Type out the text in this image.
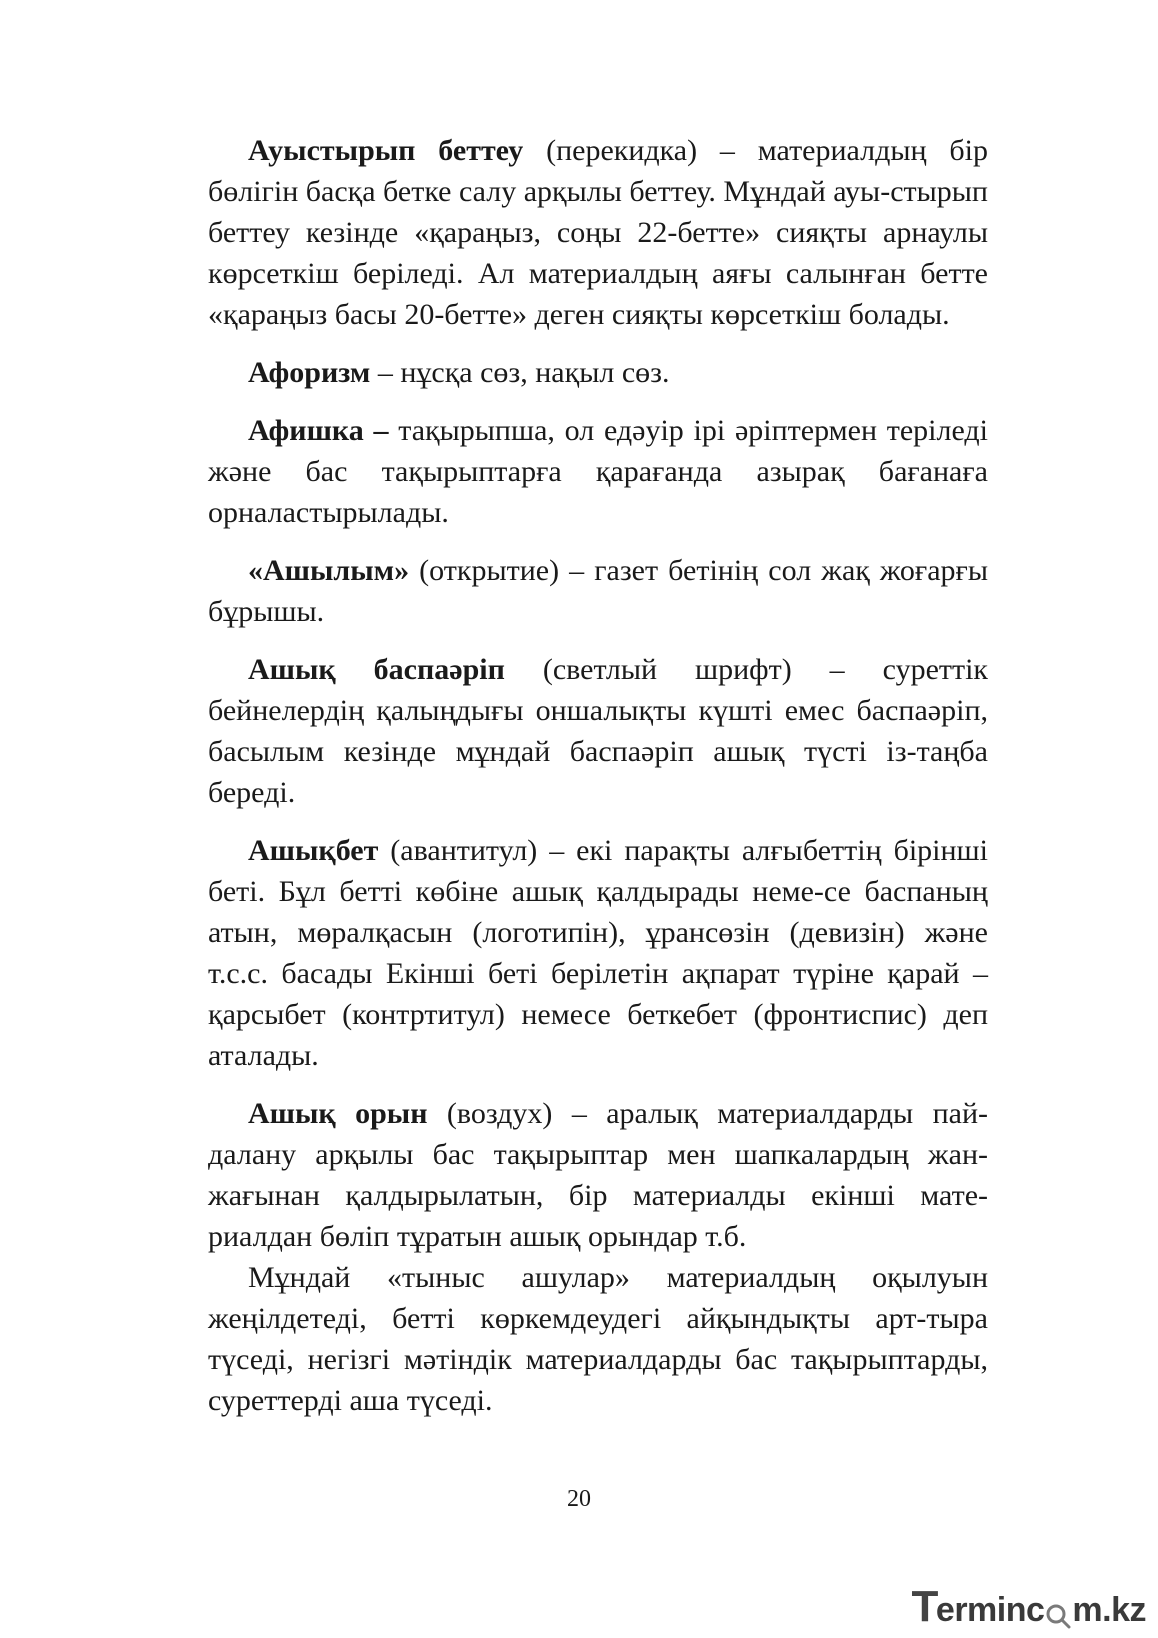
Ауыстырып беттеу (перекидка) – материалдың бір бөлігін басқа бетке салу арқылы беттеу. Мұндай ауы-стырып беттеу кезінде «қараңыз, соңы 22-бетте» сияқты арнаулы көрсеткіш беріледі. Ал материалдың аяғы салынған бетте «қараңыз басы 20-бетте» деген сияқты көрсеткіш болады.

Афоризм – нұсқа сөз, нақыл сөз.

Афишка – тақырыпша, ол едәуір ірі әріптермен теріледі және бас тақырыптарға қарағанда азырақ бағанаға орналастырылады.

«Ашылым» (открытие) – газет бетінің сол жақ жоғарғы бұрышы.

Ашық баспаәріп (светлый шрифт) – суреттік бейнелердің қалыңдығы оншалықты күшті емес баспаәріп, басылым кезінде мұндай баспаәріп ашық түсті із-таңба береді.

Ашықбет (авантитул) – екі парақты алғыбеттің бірінші беті. Бұл бетті көбіне ашық қалдырады неме-се баспаның атын, мөралқасын (логотипін), ұрансөзін (девизін) және т.с.с. басады Екінші беті берілетін ақпарат түріне қарай – қарсыбет (контртитул) немесе беткебет (фронтиспис) деп аталады.

Ашық орын (воздух) – аралық материалдарды пай-далану арқылы бас тақырыптар мен шапкалардың жан-жағынан қалдырылатын, бір материалды екінші мате-риалдан бөліп тұратын ашық орындар т.б.

Мұндай «тыныс ашулар» материалдың оқылуын жеңілдетеді, бетті көркемдеудегі айқындықты арт-тыра түседі, негізгі мәтіндік материалдарды бас тақырыптарды, суреттерді аша түседі.

20
T
erminc m.kz
